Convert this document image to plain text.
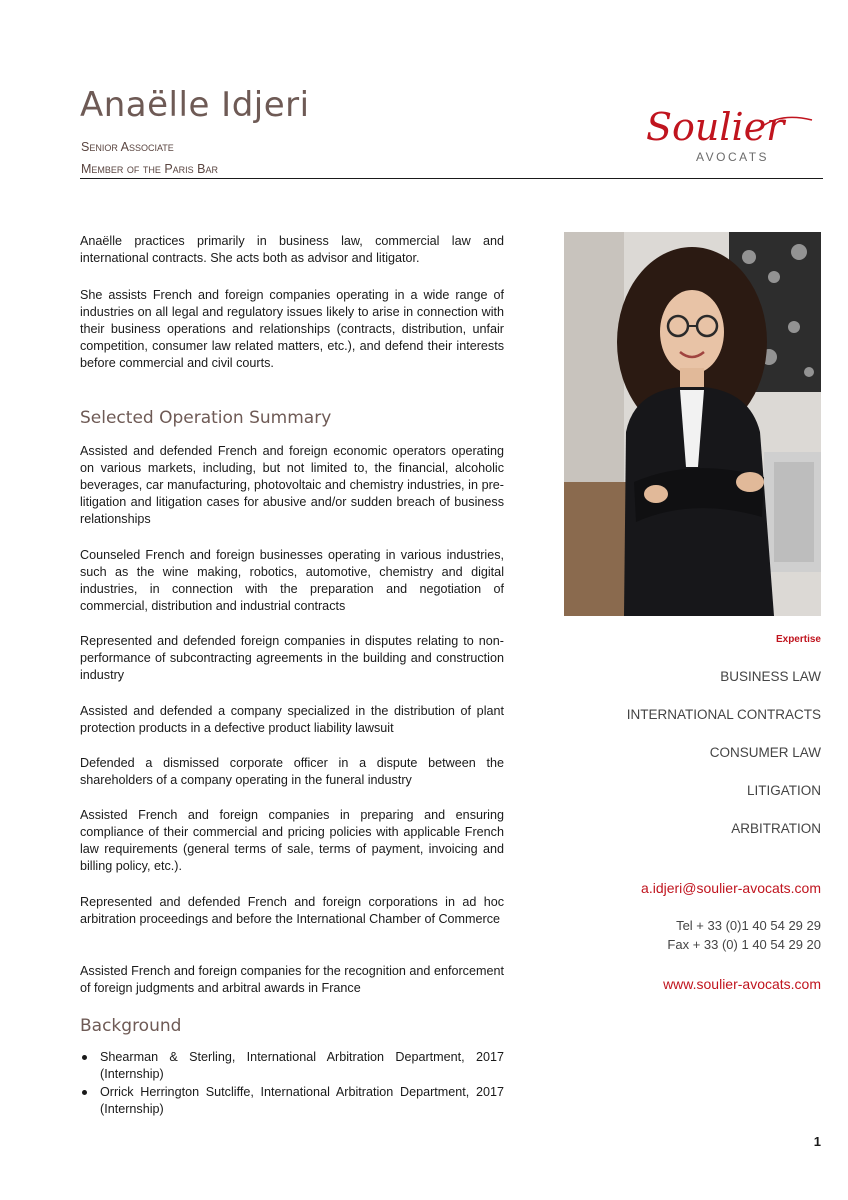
Anaëlle Idjeri
Senior Associate
Member of the Paris Bar
Soulier
AVOCATS
Anaëlle practices primarily in business law, commercial law and international contracts. She acts both as advisor and litigator.
She assists French and foreign companies operating in a wide range of industries on all legal and regulatory issues likely to arise in connection with their business operations and relationships (contracts, distribution, unfair competition, consumer law related matters, etc.), and defend their interests before commercial and civil courts.
Selected Operation Summary
Assisted and defended French and foreign economic operators operating on various markets, including, but not limited to, the financial, alcoholic beverages, car manufacturing, photovoltaic and chemistry industries, in pre-litigation and litigation cases for abusive and/or sudden breach of business relationships
Counseled French and foreign businesses operating in various industries, such as the wine making, robotics, automotive, chemistry and digital industries, in connection with the preparation and negotiation of commercial, distribution and industrial contracts
Represented and defended foreign companies in disputes relating to non-performance of subcontracting agreements in the building and construction industry
Assisted and defended a company specialized in the distribution of plant protection products in a defective product liability lawsuit
Defended a dismissed corporate officer in a dispute between the shareholders of a company operating in the funeral industry
Assisted French and foreign companies in preparing and ensuring compliance of their commercial and pricing policies with applicable French law requirements (general terms of sale, terms of payment, invoicing and billing policy, etc.).
Represented and defended French and foreign corporations in ad hoc arbitration proceedings and before the International Chamber of Commerce
Assisted French and foreign companies for the recognition and enforcement of foreign judgments and arbitral awards in France
Background
Shearman & Sterling, International Arbitration Department, 2017 (Internship)
Orrick Herrington Sutcliffe, International Arbitration Department, 2017 (Internship)
Expertise
BUSINESS LAW
INTERNATIONAL CONTRACTS
CONSUMER LAW
LITIGATION
ARBITRATION
a.idjeri@soulier-avocats.com
Tel + 33 (0)1 40 54 29 29
Fax + 33 (0) 1 40 54 29 20
www.soulier-avocats.com
1
